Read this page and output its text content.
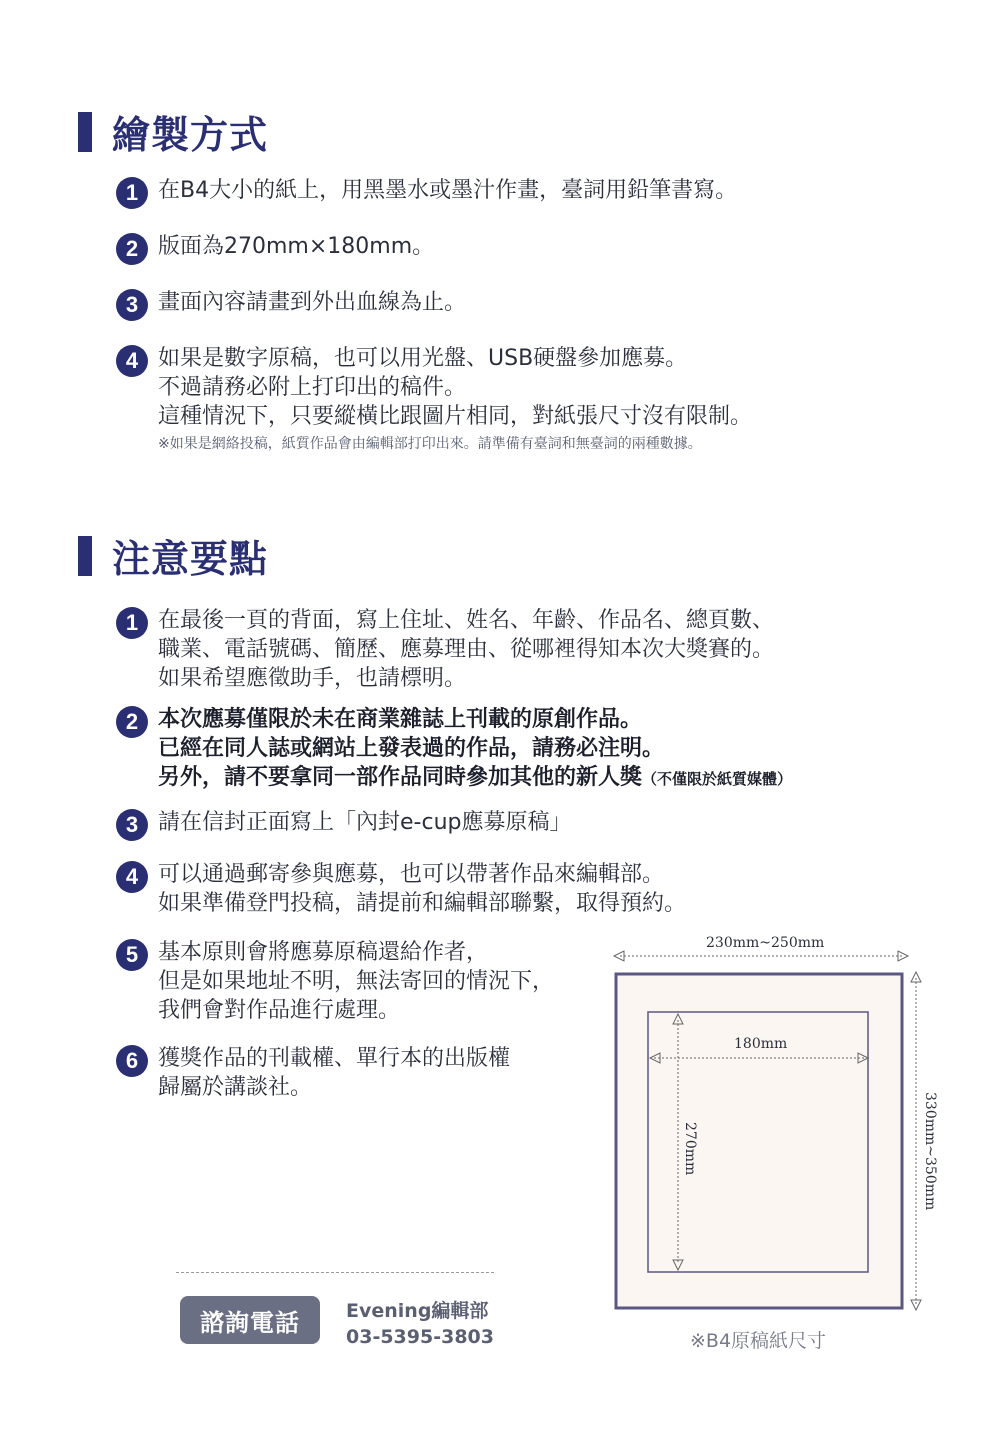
繪製方式
1 在B4大小的紙上，用黑墨水或墨汁作畫，臺詞用鉛筆書寫。
2 版面為270mm×180mm。
3 畫面內容請畫到外出血線為止。
4 如果是數字原稿，也可以用光盤、USB硬盤參加應募。
不過請務必附上打印出的稿件。
這種情況下，只要縱橫比跟圖片相同，對紙張尺寸沒有限制。
※如果是網絡投稿，紙質作品會由編輯部打印出來。請準備有臺詞和無臺詞的兩種數據。
注意要點
1 在最後一頁的背面，寫上住址、姓名、年齡、作品名、總頁數、
職業、電話號碼、簡歷、應募理由、從哪裡得知本次大獎賽的。
如果希望應徵助手，也請標明。
2 本次應募僅限於未在商業雜誌上刊載的原創作品。
已經在同人誌或網站上發表過的作品，請務必注明。
另外，請不要拿同一部作品同時參加其他的新人獎（不僅限於紙質媒體）
3 請在信封正面寫上「內封e-cup應募原稿」
4 可以通過郵寄參與應募，也可以帶著作品來編輯部。
如果準備登門投稿，請提前和編輯部聯繫，取得預約。
5 基本原則會將應募原稿還給作者，
但是如果地址不明，無法寄回的情況下，
我們會對作品進行處理。
6 獲獎作品的刊載權、單行本的出版權
歸屬於講談社。
諮詢電話	Evening編輯部
03-5395-3803
230mm~250mm
330mm~350mm
180mm
270mm
※B4原稿紙尺寸
